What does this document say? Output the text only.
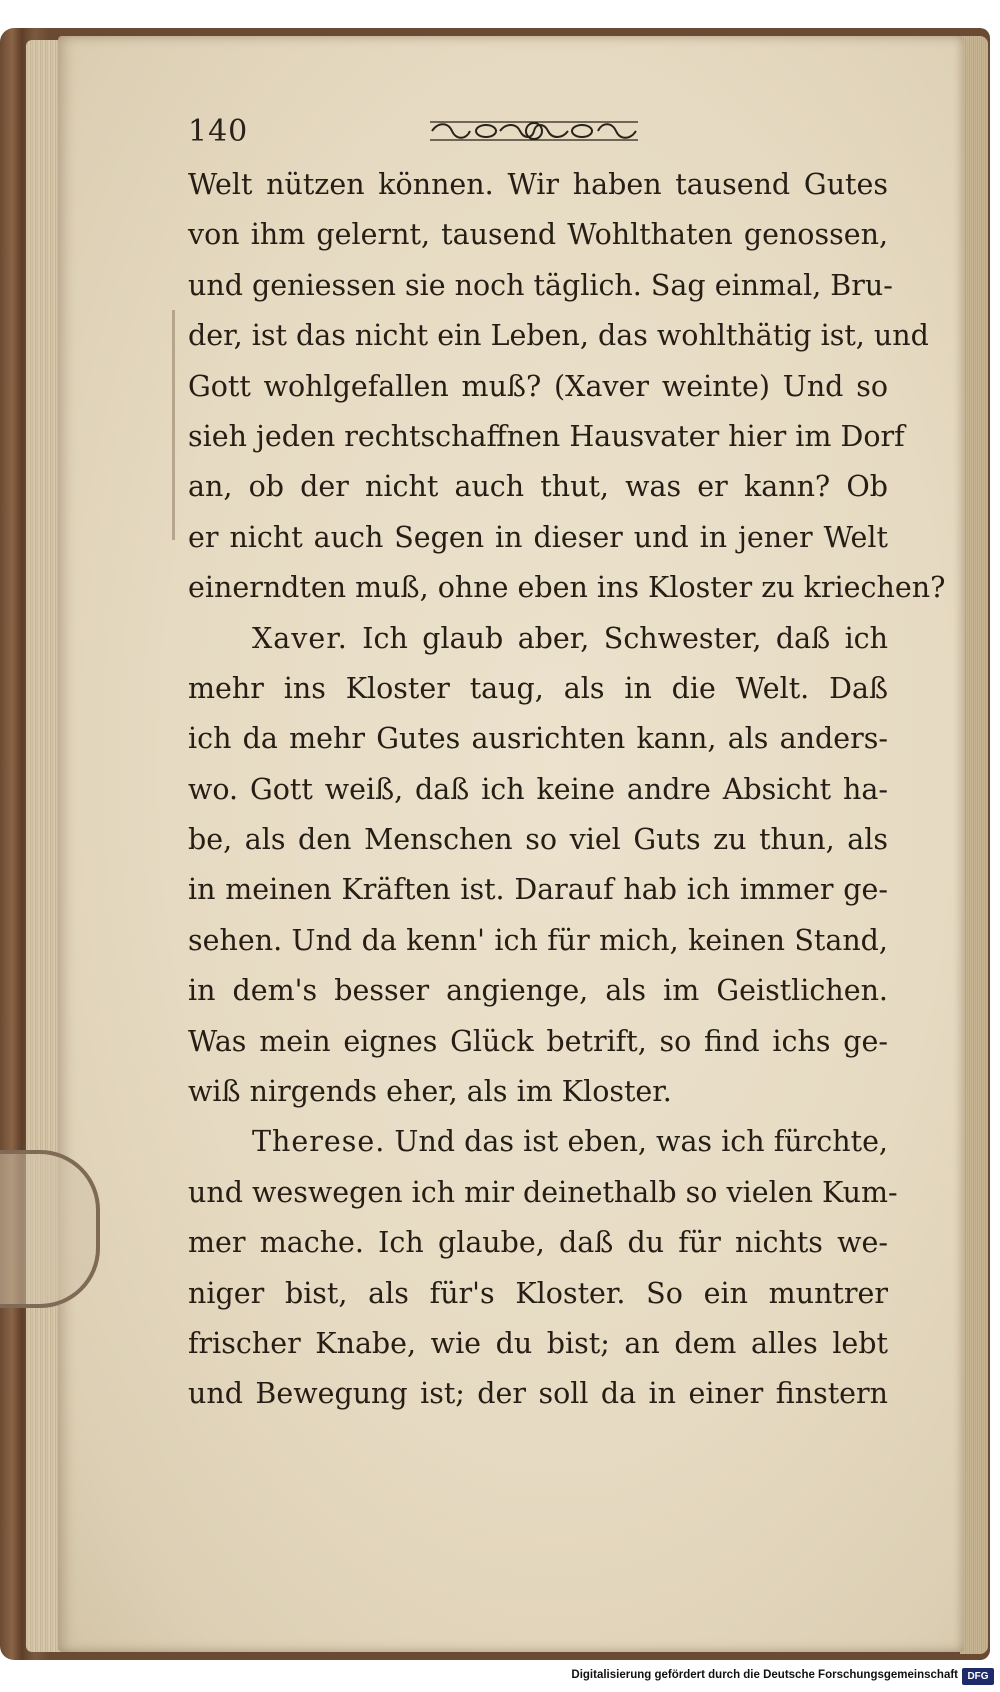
140
Welt nützen können. Wir haben tausend Gutes
von ihm gelernt, tausend Wohlthaten genossen,
und geniessen sie noch täglich. Sag einmal, Bru-
der, ist das nicht ein Leben, das wohlthätig ist, und
Gott wohlgefallen muß? (Xaver weinte) Und so
sieh jeden rechtschaffnen Hausvater hier im Dorf
an, ob der nicht auch thut, was er kann? Ob
er nicht auch Segen in dieser und in jener Welt
einerndten muß, ohne eben ins Kloster zu kriechen?
Xaver. Ich glaub aber, Schwester, daß ich
mehr ins Kloster taug, als in die Welt. Daß
ich da mehr Gutes ausrichten kann, als anders-
wo. Gott weiß, daß ich keine andre Absicht ha-
be, als den Menschen so viel Guts zu thun, als
in meinen Kräften ist. Darauf hab ich immer ge-
sehen. Und da kenn' ich für mich, keinen Stand,
in dem's besser angienge, als im Geistlichen.
Was mein eignes Glück betrift, so find ichs ge-
wiß nirgends eher, als im Kloster.
Therese. Und das ist eben, was ich fürchte,
und weswegen ich mir deinethalb so vielen Kum-
mer mache. Ich glaube, daß du für nichts we-
niger bist, als für's Kloster. So ein muntrer
frischer Knabe, wie du bist; an dem alles lebt
und Bewegung ist; der soll da in einer finstern
Digitalisierung gefördert durch die Deutsche Forschungsgemeinschaft DFG
